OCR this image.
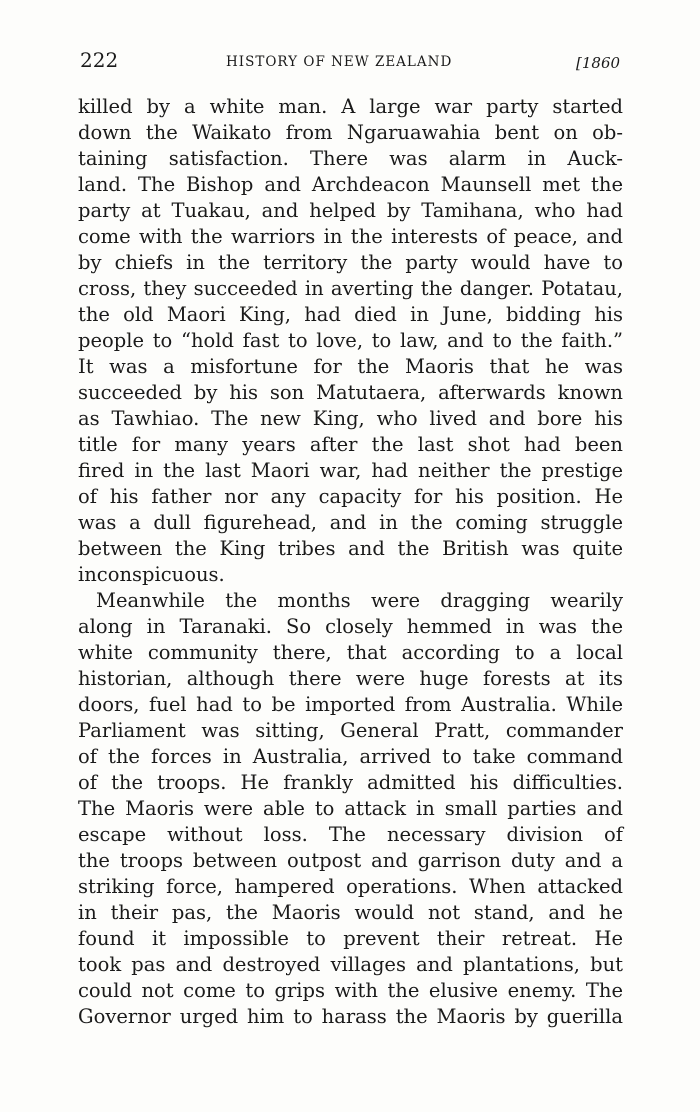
222	HISTORY OF NEW ZEALAND	[1860
killed by a white man. A large war party started
down the Waikato from Ngaruawahia bent on ob-
taining satisfaction. There was alarm in Auck-
land. The Bishop and Archdeacon Maunsell met the
party at Tuakau, and helped by Tamihana, who had
come with the warriors in the interests of peace, and
by chiefs in the territory the party would have to
cross, they succeeded in averting the danger. Potatau,
the old Maori King, had died in June, bidding his
people to “hold fast to love, to law, and to the faith.”
It was a misfortune for the Maoris that he was
succeeded by his son Matutaera, afterwards known
as Tawhiao. The new King, who lived and bore his
title for many years after the last shot had been
fired in the last Maori war, had neither the prestige
of his father nor any capacity for his position. He
was a dull figurehead, and in the coming struggle
between the King tribes and the British was quite
inconspicuous.
Meanwhile the months were dragging wearily
along in Taranaki. So closely hemmed in was the
white community there, that according to a local
historian, although there were huge forests at its
doors, fuel had to be imported from Australia. While
Parliament was sitting, General Pratt, commander
of the forces in Australia, arrived to take command
of the troops. He frankly admitted his difficulties.
The Maoris were able to attack in small parties and
escape without loss. The necessary division of
the troops between outpost and garrison duty and a
striking force, hampered operations. When attacked
in their pas, the Maoris would not stand, and he
found it impossible to prevent their retreat. He
took pas and destroyed villages and plantations, but
could not come to grips with the elusive enemy. The
Governor urged him to harass the Maoris by guerilla
